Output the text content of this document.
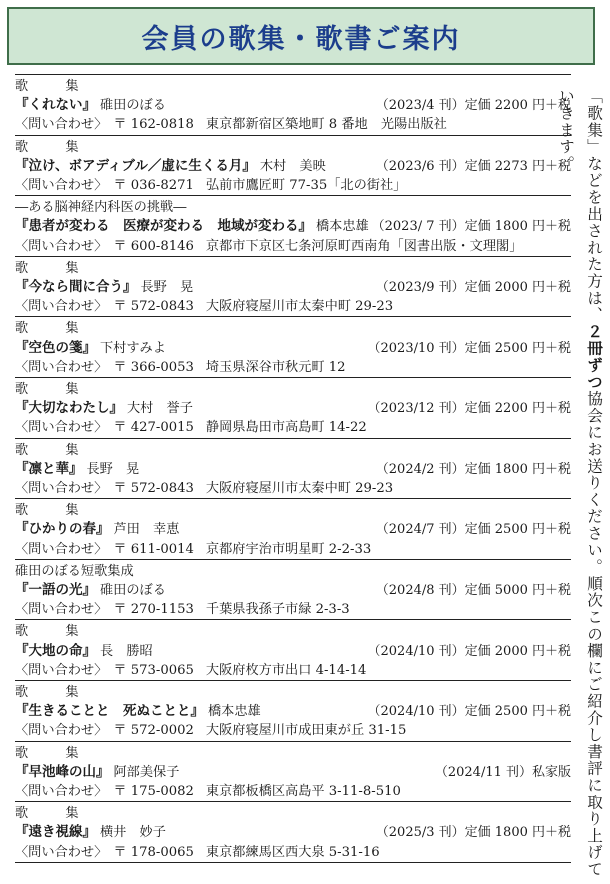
会員の歌集・歌書ご案内
歌　集
『くれない』 碓田のぼる	（2023/4 刊）定価 2200 円＋税
〈問い合わせ〉 〒 162-0818 東京都新宿区築地町 8 番地　光陽出版社
歌　集
『泣け、ボアディブル／虚に生くる月』 木村　美映	（2023/6 刊）定価 2273 円＋税
〈問い合わせ〉 〒 036-8271 弘前市鷹匠町 77-35「北の街社」
―ある脳神経内科医の挑戦―
『患者が変わる　医療が変わる　地域が変わる』 橋本忠雄 （2023/ 7 刊）定価 1800 円＋税
〈問い合わせ〉 〒 600-8146 京都市下京区七条河原町西南角「図書出版・文理閣」
歌　集
『今なら間に合う』 長野　晃	（2023/9 刊）定価 2000 円＋税
〈問い合わせ〉 〒 572-0843 大阪府寝屋川市太秦中町 29-23
歌　集
『空色の箋』 下村すみよ	（2023/10 刊）定価 2500 円＋税
〈問い合わせ〉 〒 366-0053 埼玉県深谷市秋元町 12
歌　集
『大切なわたし』 大村　誉子	（2023/12 刊）定価 2200 円＋税
〈問い合わせ〉 〒 427-0015 静岡県島田市高島町 14-22
歌　集
『凛と華』 長野　晃	（2024/2 刊）定価 1800 円＋税
〈問い合わせ〉 〒 572-0843 大阪府寝屋川市太秦中町 29-23
歌　集
『ひかりの春』 芦田　幸恵	（2024/7 刊）定価 2500 円＋税
〈問い合わせ〉 〒 611-0014 京都府宇治市明星町 2-2-33
碓田のぼる短歌集成
『一語の光』 碓田のぼる	（2024/8 刊）定価 5000 円＋税
〈問い合わせ〉 〒 270-1153 千葉県我孫子市緑 2-3-3
歌　集
『大地の命』 長　勝昭	（2024/10 刊）定価 2000 円＋税
〈問い合わせ〉 〒 573-0065 大阪府枚方市出口 4-14-14
歌　集
『生きることと　死ぬことと』 橋本忠雄	（2024/10 刊）定価 2500 円＋税
〈問い合わせ〉 〒 572-0002 大阪府寝屋川市成田東が丘 31-15
歌　集
『早池峰の山』 阿部美保子	（2024/11 刊）私家版
〈問い合わせ〉 〒 175-0082 東京都板橋区高島平 3-11-8-510
歌　集
『遠き視線』 横井　妙子	（2025/3 刊）定価 1800 円＋税
〈問い合わせ〉 〒 178-0065 東京都練馬区西大泉 5-31-16
「歌集」などを出された方は、２冊ずつ協会にお送りください。順次この欄にご紹介し書評に取り上げていきます。
